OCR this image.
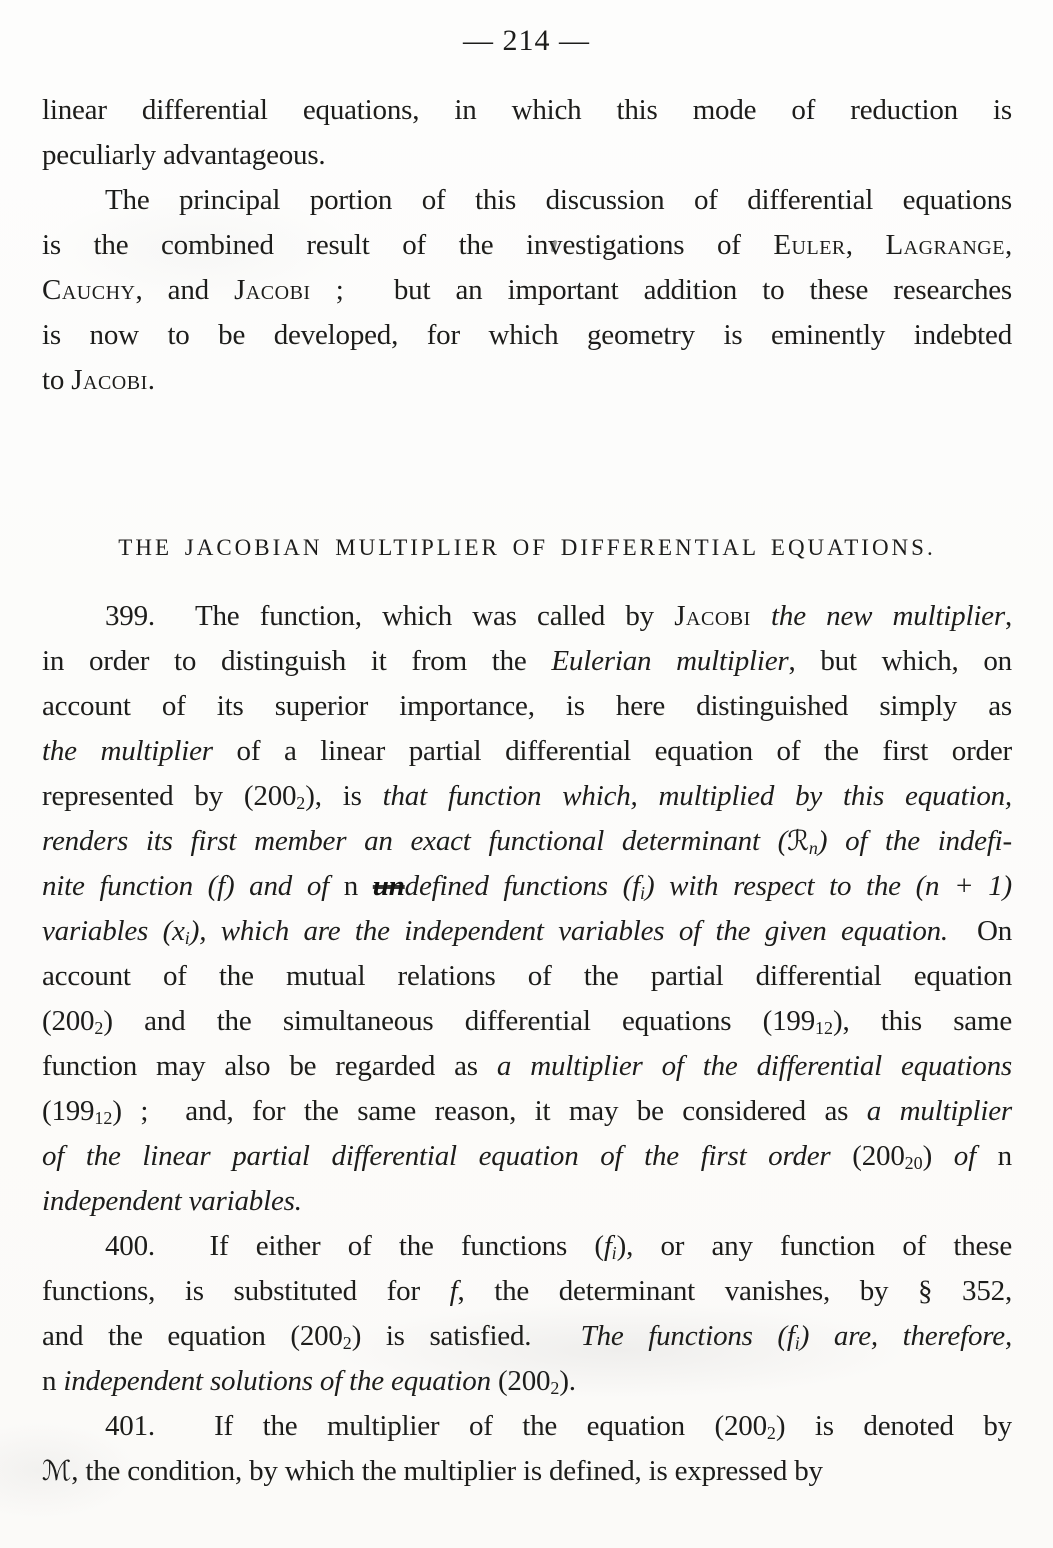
— 214 —
linear differential equations, in which this mode of reduction is
peculiarly advantageous.
The principal portion of this discussion of differential equations
is the combined result of the investigations of Euler, Lagrange,
Cauchy, and Jacobi ;  but an important addition to these researches
is now to be developed, for which geometry is eminently indebted
to Jacobi.
THE JACOBIAN MULTIPLIER OF DIFFERENTIAL EQUATIONS.
399.  The function, which was called by Jacobi the new multiplier,
in order to distinguish it from the Eulerian multiplier, but which, on
account of its superior importance, is here distinguished simply as
the multiplier of a linear partial differential equation of the first order
represented by (2002), is that function which, multiplied by this equation,
renders its first member an exact functional determinant (ℛn) of the indefi-
nite function (f) and of n undefined functions (fi) with respect to the (n + 1)
variables (xi), which are the independent variables of the given equation.  On
account of the mutual relations of the partial differential equation
(2002) and the simultaneous differential equations (19912), this same
function may also be regarded as a multiplier of the differential equations
(19912) ;  and, for the same reason, it may be considered as a multiplier
of the linear partial differential equation of the first order (20020) of n
independent variables.
400.  If either of the functions (fi), or any function of these
functions, is substituted for f, the determinant vanishes, by § 352,
and the equation (2002) is satisfied.  The functions (fi) are, therefore,
n independent solutions of the equation (2002).
401.  If the multiplier of the equation (2002) is denoted by
ℳ, the condition, by which the multiplier is defined, is expressed by
